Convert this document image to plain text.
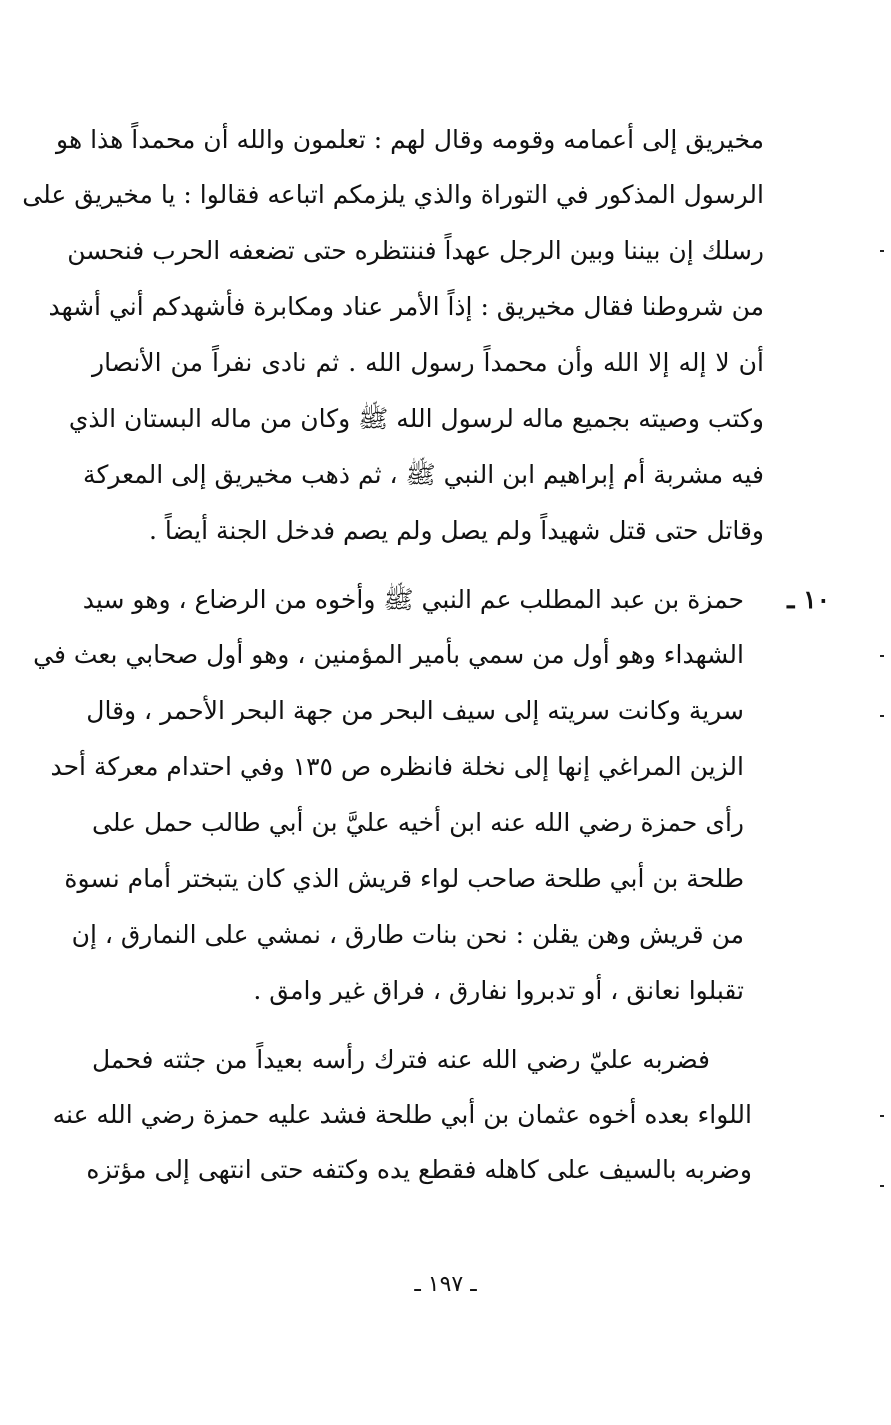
مخيريق إلى أعمامه وقومه وقال لهم : تعلمون والله أن محمداً هذا هو
الرسول المذكور في التوراة والذي يلزمكم اتباعه فقالوا : يا مخيريق على
رسلك إن بيننا وبين الرجل عهداً فننتظره حتى تضعفه الحرب فنحسن
من شروطنا فقال مخيريق : إذاً الأمر عناد ومكابرة فأشهدكم أني أشهد
أن لا إله إلا الله وأن محمداً رسول الله . ثم نادى نفراً من الأنصار
وكتب وصيته بجميع ماله لرسول الله ﷺ وكان من ماله البستان الذي
فيه مشربة أم إبراهيم ابن النبي ﷺ ، ثم ذهب مخيريق إلى المعركة
وقاتل حتى قتل شهيداً ولم يصل ولم يصم فدخل الجنة أيضاً .
١٠ ـ
حمزة بن عبد المطلب عم النبي ﷺ وأخوه من الرضاع ، وهو سيد
الشهداء وهو أول من سمي بأمير المؤمنين ، وهو أول صحابي بعث في
سرية وكانت سريته إلى سيف البحر من جهة البحر الأحمر ، وقال
الزين المراغي إنها إلى نخلة فانظره ص ١٣٥ وفي احتدام معركة أحد
رأى حمزة رضي الله عنه ابن أخيه عليَّ بن أبي طالب حمل على
طلحة بن أبي طلحة صاحب لواء قريش الذي كان يتبختر أمام نسوة
من قريش وهن يقلن : نحن بنات طارق ، نمشي على النمارق ، إن
تقبلوا نعانق ، أو تدبروا نفارق ، فراق غير وامق .
فضربه عليّ رضي الله عنه فترك رأسه بعيداً من جثته فحمل
اللواء بعده أخوه عثمان بن أبي طلحة فشد عليه حمزة رضي الله عنه
وضربه بالسيف على كاهله فقطع يده وكتفه حتى انتهى إلى مؤتزه
ـ ١٩٧ ـ
